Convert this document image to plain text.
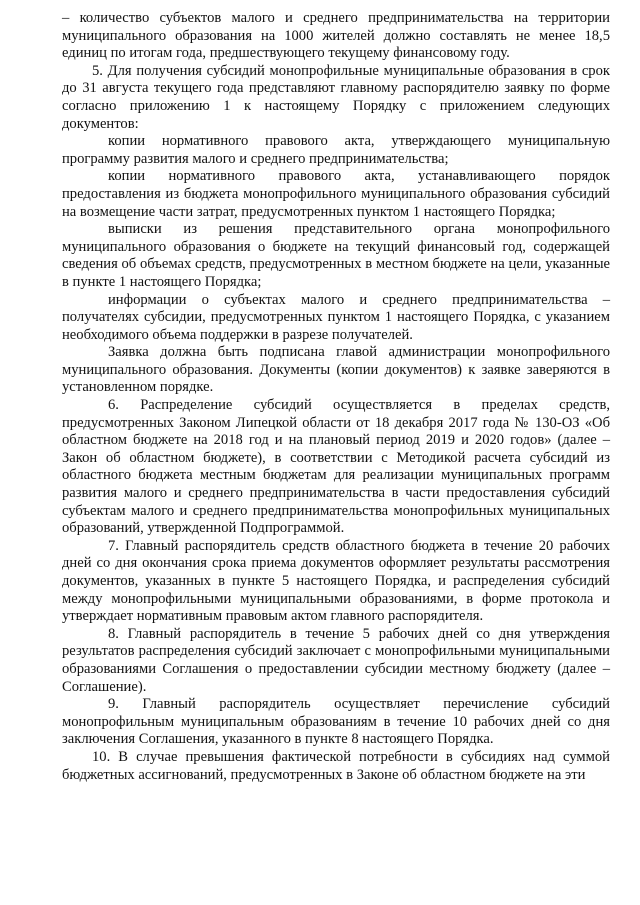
– количество субъектов малого и среднего предпринимательства на территории муниципального образования на 1000 жителей должно составлять не менее 18,5 единиц по итогам года, предшествующего текущему финансовому году.

5. Для получения субсидий монопрофильные муниципальные образования в срок до 31 августа текущего года представляют главному распорядителю заявку по форме согласно приложению 1 к настоящему Порядку с приложением следующих документов:

копии нормативного правового акта, утверждающего муниципальную программу развития малого и среднего предпринимательства;

копии нормативного правового акта, устанавливающего порядок предоставления из бюджета монопрофильного муниципального образования субсидий на возмещение части затрат, предусмотренных пунктом 1 настоящего Порядка;

выписки из решения представительного органа монопрофильного муниципального образования о бюджете на текущий финансовый год, содержащей сведения об объемах средств, предусмотренных в местном бюджете на цели, указанные в пункте 1 настоящего Порядка;

информации о субъектах малого и среднего предпринимательства – получателях субсидии, предусмотренных пунктом 1 настоящего Порядка, с указанием необходимого объема поддержки в разрезе получателей.

Заявка должна быть подписана главой администрации монопрофильного муниципального образования. Документы (копии документов) к заявке заверяются в установленном порядке.

6. Распределение субсидий осуществляется в пределах средств, предусмотренных Законом Липецкой области от 18 декабря 2017 года № 130-ОЗ «Об областном бюджете на 2018 год и на плановый период 2019 и 2020 годов» (далее – Закон об областном бюджете), в соответствии с Методикой расчета субсидий из областного бюджета местным бюджетам для реализации муниципальных программ развития малого и среднего предпринимательства в части предоставления субсидий субъектам малого и среднего предпринимательства монопрофильных муниципальных образований, утвержденной Подпрограммой.

7. Главный распорядитель средств областного бюджета в течение 20 рабочих дней со дня окончания срока приема документов оформляет результаты рассмотрения документов, указанных в пункте 5 настоящего Порядка, и распределения субсидий между монопрофильными муниципальными образованиями, в форме протокола и утверждает нормативным правовым актом главного распорядителя.

8. Главный распорядитель в течение 5 рабочих дней со дня утверждения результатов распределения субсидий заключает с монопрофильными муниципальными образованиями Соглашения о предоставлении субсидии местному бюджету (далее – Соглашение).

9. Главный распорядитель осуществляет перечисление субсидий монопрофильным муниципальным образованиям в течение 10 рабочих дней со дня заключения Соглашения, указанного в пункте 8 настоящего Порядка.

10. В случае превышения фактической потребности в субсидиях над суммой бюджетных ассигнований, предусмотренных в Законе об областном бюджете на эти
